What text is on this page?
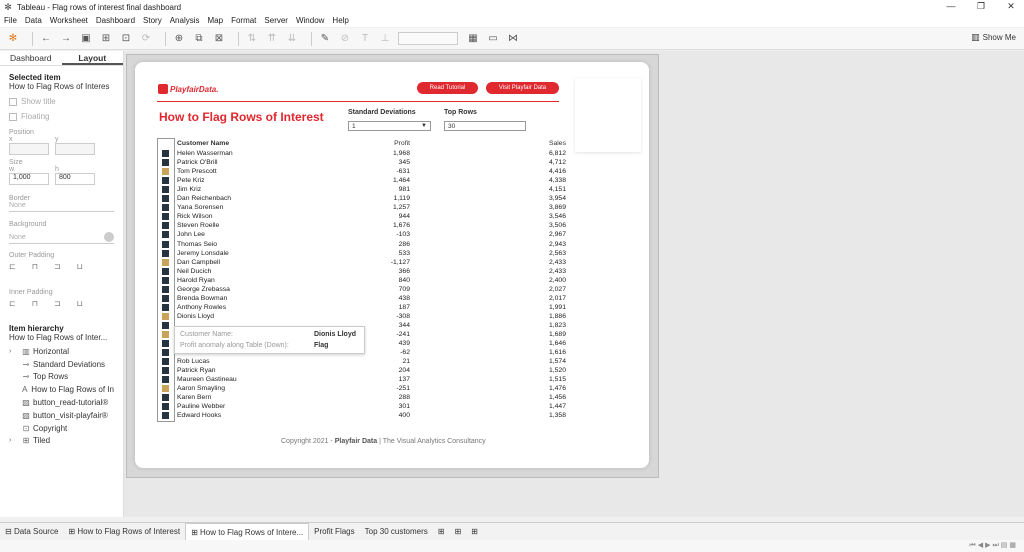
✻ Tableau - Flag rows of interest final dashboard	—	❐	✕
File Data Worksheet Dashboard Story Analysis Map Format Server Window Help
✻ ← → ▣ ⊞ ⊡ ⟳ ⊕	⧉	⊠ ⇅ ⇈ ⇊ ✎ ⊘	T	⊥	▦ ▭ ⋈	▥ Show Me
Dashboard	Layout
Selected item
How to Flag Rows of Interes
Show title
Floating
Position
x	y
Size
w
1,000
h
800
Border
None
Background
None
Outer Padding
⊏ ⊓ ⊐ ⊔
Inner Padding
⊏ ⊓ ⊐ ⊔
Item hierarchy
How to Flag Rows of Inter...
›	▥ Horizontal
⊸ Standard Deviations
⊸ Top Rows
A How to Flag Rows of In
▨ button_read-tutorial®
▨ button_visit-playfair®
⊡ Copyright
›	⊞ Tiled
PlayfairData.	Read Tutorial	Visit Playfair Data
How to Flag Rows of Interest	Standard Deviations
1	▼
Top Rows
30
Customer Name	Profit	Sales
Helen Wasserman	1,968	6,812
Patrick O'Brill	345	4,712
Tom Prescott	-631	4,416
Pete Kriz	1,464	4,338
Jim Kriz	981	4,151
Dan Reichenbach	1,119	3,954
Yana Sorensen	1,257	3,869
Rick Wilson	944	3,546
Steven Roelle	1,676	3,506
John Lee	-103	2,967
Thomas Seio	286	2,943
Jeremy Lonsdale	533	2,563
Dan Campbell	-1,127	2,433
Neil Ducich	366	2,433
Harold Ryan	840	2,400
George Zrebassa	709	2,027
Brenda Bowman	438	2,017
Anthony Rowles	187	1,991
Dionis Lloyd	-308	1,886
344	1,823
-241	1,689
439	1,646
-62	1,616
Rob Lucas	21	1,574
Patrick Ryan	204	1,520
Maureen Gastineau	137	1,515
Aaron Smayling	-251	1,476
Karen Bern	288	1,456
Pauline Webber	301	1,447
Edward Hooks	400	1,358
Customer Name:	Dionis Lloyd
Profit anomaly along Table (Down):	Flag
Copyright 2021 - Playfair Data | The Visual Analytics Consultancy
⊟ Data Source	⊞ How to Flag Rows of Interest	⊞ How to Flag Rows of Intere...	Profit Flags	Top 30 customers	⊞	⊞	⊞
⏮◀▶⏭▤▦
